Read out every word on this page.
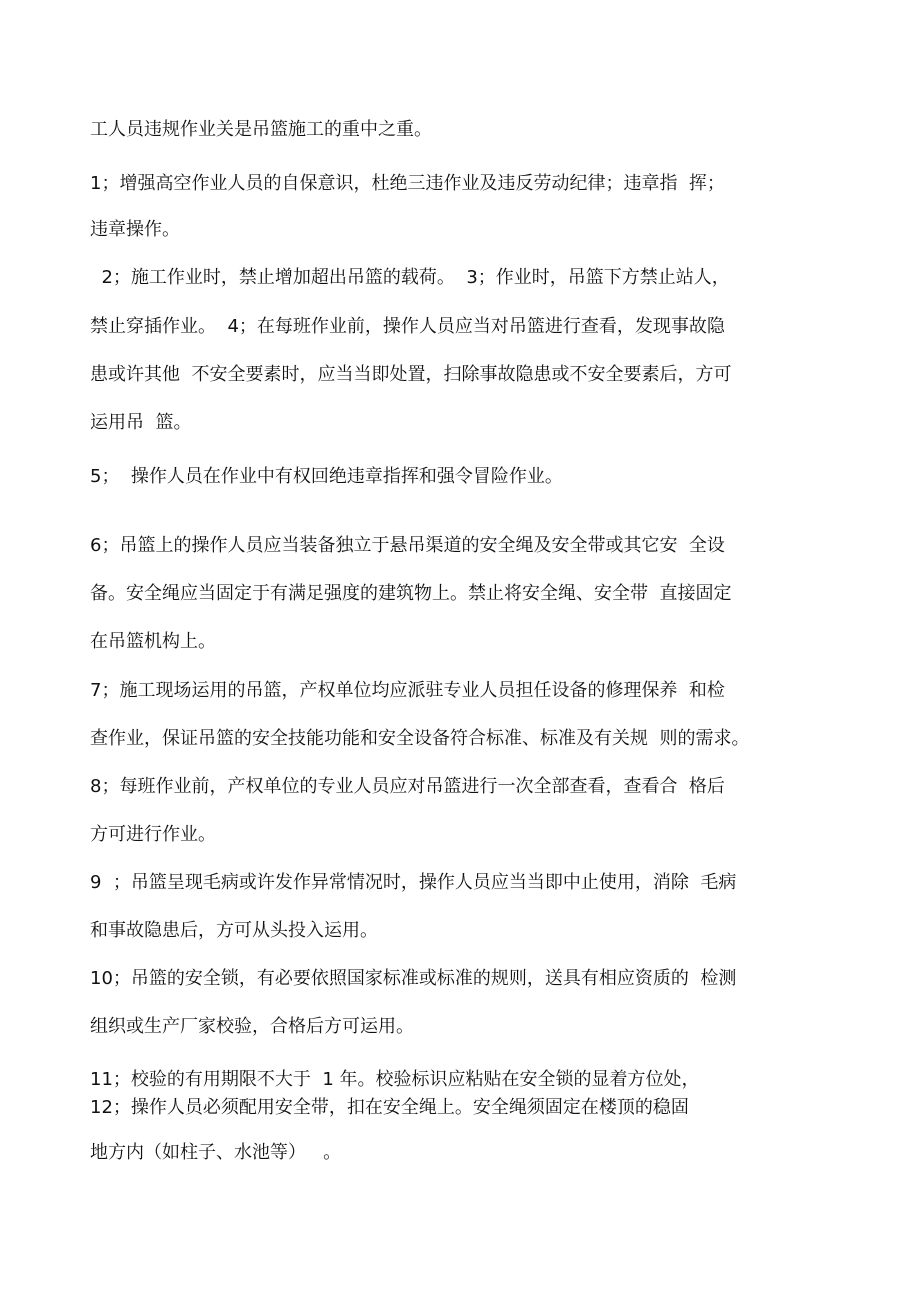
工人员违规作业关是吊篮施工的重中之重。

1；增强高空作业人员的自保意识，杜绝三违作业及违反劳动纪律；违章指  挥；

违章操作。

2；施工作业时，禁止增加超出吊篮的载荷。  3；作业时，吊篮下方禁止站人，

禁止穿插作业。  4；在每班作业前，操作人员应当对吊篮进行查看，发现事故隐

患或许其他  不安全要素时，应当当即处置，扫除事故隐患或不安全要素后，方可

运用吊  篮。

5；  操作人员在作业中有权回绝违章指挥和强令冒险作业。

6；吊篮上的操作人员应当装备独立于悬吊渠道的安全绳及安全带或其它安  全设

备。安全绳应当固定于有满足强度的建筑物上。禁止将安全绳、安全带  直接固定

在吊篮机构上。

7；施工现场运用的吊篮，产权单位均应派驻专业人员担任设备的修理保养  和检

查作业，保证吊篮的安全技能功能和安全设备符合标准、标准及有关规  则的需求。

8；每班作业前，产权单位的专业人员应对吊篮进行一次全部查看，查看合  格后

方可进行作业。

9  ；吊篮呈现毛病或许发作异常情况时，操作人员应当当即中止使用，消除  毛病

和事故隐患后，方可从头投入运用。

10；吊篮的安全锁，有必要依照国家标准或标准的规则，送具有相应资质的  检测

组织或生产厂家校验，合格后方可运用。

11；校验的有用期限不大于  1 年。校验标识应粘贴在安全锁的显着方位处，

12；操作人员必须配用安全带，扣在安全绳上。安全绳须固定在楼顶的稳固

地方内（如柱子、水池等）   。
